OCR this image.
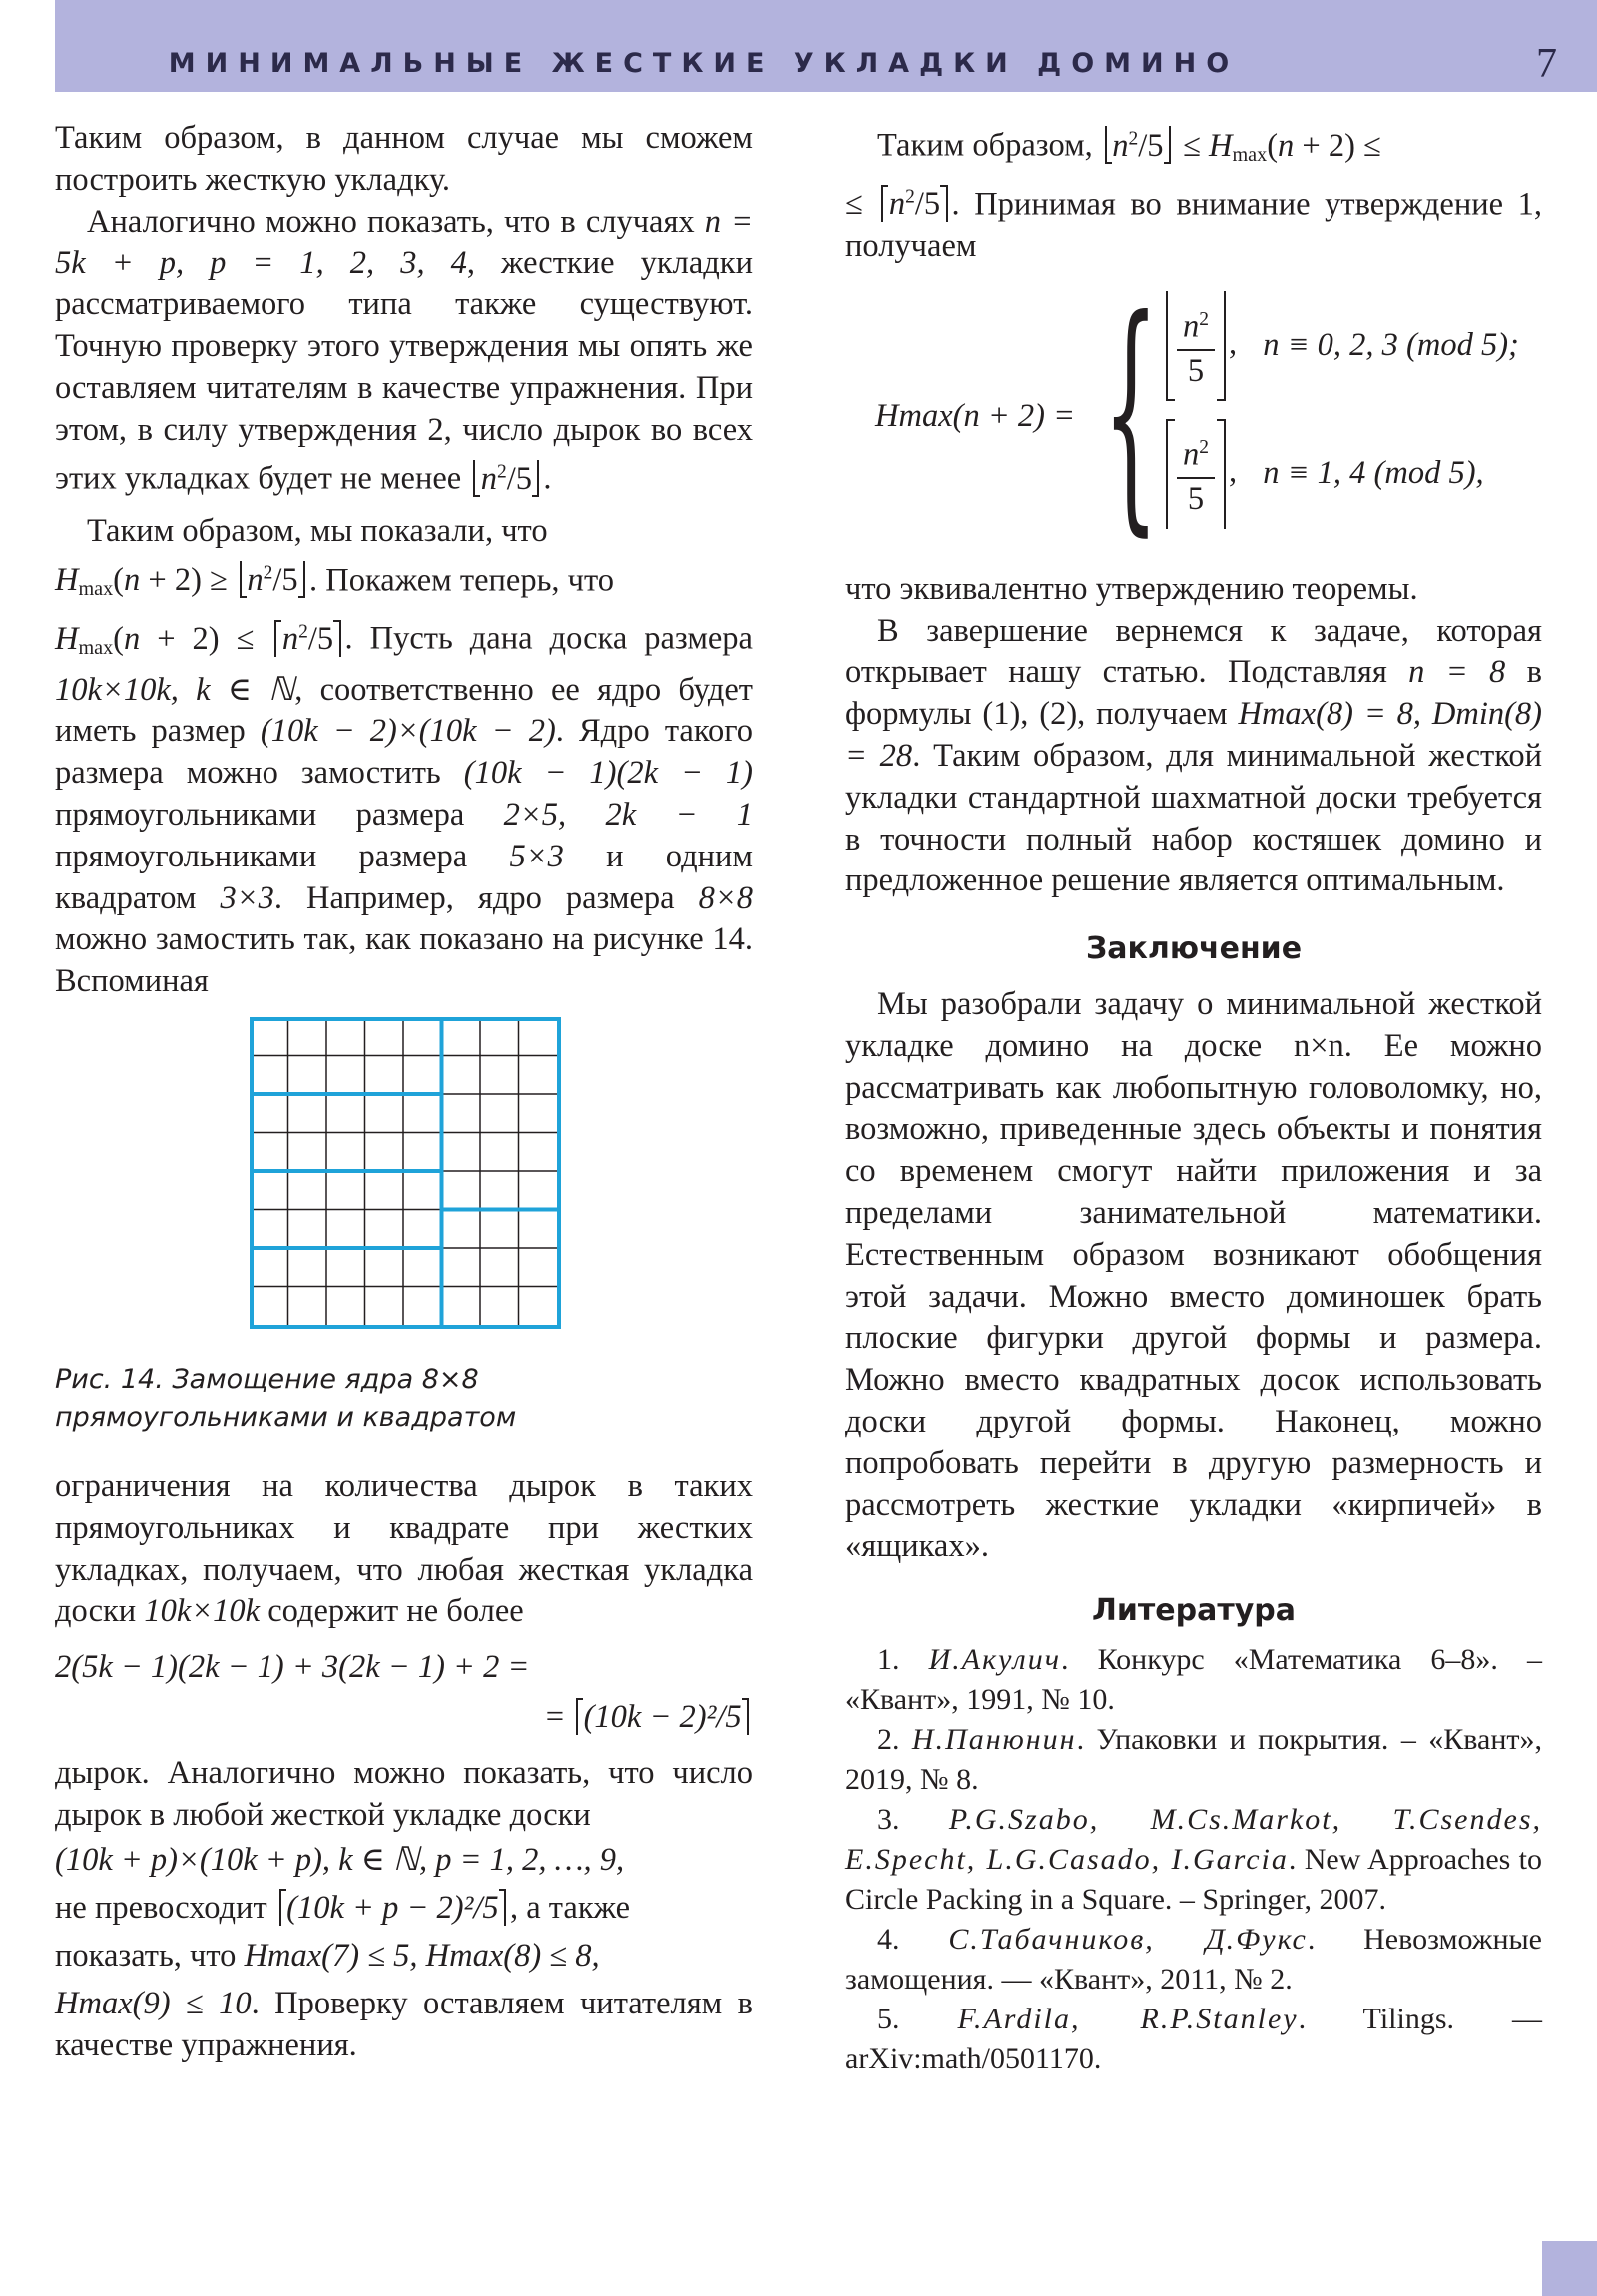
МИНИМАЛЬНЫЕ ЖЕСТКИЕ УКЛАДКИ ДОМИНО	7

Таким образом, в данном случае мы сможем построить жесткую укладку.

Аналогично можно показать, что в случаях n = 5k + p, p = 1, 2, 3, 4, жесткие укладки рассматриваемого типа также существуют. Точную проверку этого утверждения мы опять же оставляем читателям в качестве упражнения. При этом, в силу утверждения 2, число дырок во всех этих укладках будет не менее $n^2/5$ .

Таким образом, мы показали, что
$H_{max}(n + 2) \ge n^2/5$ . Покажем теперь, что
$H_{max}(n + 2) \le n^2/5$ . Пусть дана доска размера 10k×10k, k ∈ ℕ, соответственно ее ядро будет иметь размер (10k − 2)×(10k − 2). Ядро такого размера можно замостить (10k − 1)(2k − 1) прямоугольниками размера 2×5, 2k − 1 прямоугольниками размера 5×3 и одним квадратом 3×3. Например, ядро размера 8×8 можно замостить так, как показано на рисунке 14. Вспоминая

Рис. 14. Замощение ядра 8×8 прямоугольниками и квадратом

ограничения на количества дырок в таких прямоугольниках и квадрате при жестких укладках, получаем, что любая жесткая укладка доски 10k×10k содержит не более

2(5k − 1)(2k − 1) + 3(2k − 1) + 2 =
= (10k − 2)²/5

дырок. Аналогично можно показать, что число дырок в любой жесткой укладке доски

(10k + p)×(10k + p), k ∈ ℕ, p = 1, 2, …, 9,
не превосходит (10k + p − 2)²/5 , а также
показать, что Hmax(7) ≤ 5, Hmax(8) ≤ 8,
Hmax(9) ≤ 10. Проверку оставляем читателям в качестве упражнения.

Таким образом, $n^2/5 \le H_{max}(n + 2)$ ≤
≤ $n^2/5$ . Принимая во внимание утверждение 1, получаем

Hmax(n + 2) = { $\frac{n^2}{5}$ , n ≡ 0, 2, 3 (mod 5);
$\frac{n^2}{5}$ , n ≡ 1, 4 (mod 5),

что эквивалентно утверждению теоремы.

В завершение вернемся к задаче, которая открывает нашу статью. Подставляя n = 8 в формулы (1), (2), получаем Hmax(8) = 8, Dmin(8) = 28. Таким образом, для минимальной жесткой укладки стандартной шахматной доски требуется в точности полный набор костяшек домино и предложенное решение является оптимальным.

Заключение

Мы разобрали задачу о минимальной жесткой укладке домино на доске n×n. Ее можно рассматривать как любопытную головоломку, но, возможно, приведенные здесь объекты и понятия со временем смогут найти приложения и за пределами занимательной математики. Естественным образом возникают обобщения этой задачи. Можно вместо доминошек брать плоские фигурки другой формы и размера. Можно вместо квадратных досок использовать доски другой формы. Наконец, можно попробовать перейти в другую размерность и рассмотреть жесткие укладки «кирпичей» в «ящиках».

Литература

1. И.Акулич. Конкурс «Математика 6–8». – «Квант», 1991, № 10.

2. Н.Панюнин. Упаковки и покрытия. – «Квант», 2019, № 8.

3. P.G.Szabo, M.Cs.Markot, T.Csendes, E.Specht, L.G.Casado, I.Garcia. New Approaches to Circle Packing in a Square. – Springer, 2007.

4. С.Табачников, Д.Фукс. Невозможные замощения. — «Квант», 2011, № 2.

5. F.Ardila, R.P.Stanley. Tilings. — arXiv:math/0501170.
